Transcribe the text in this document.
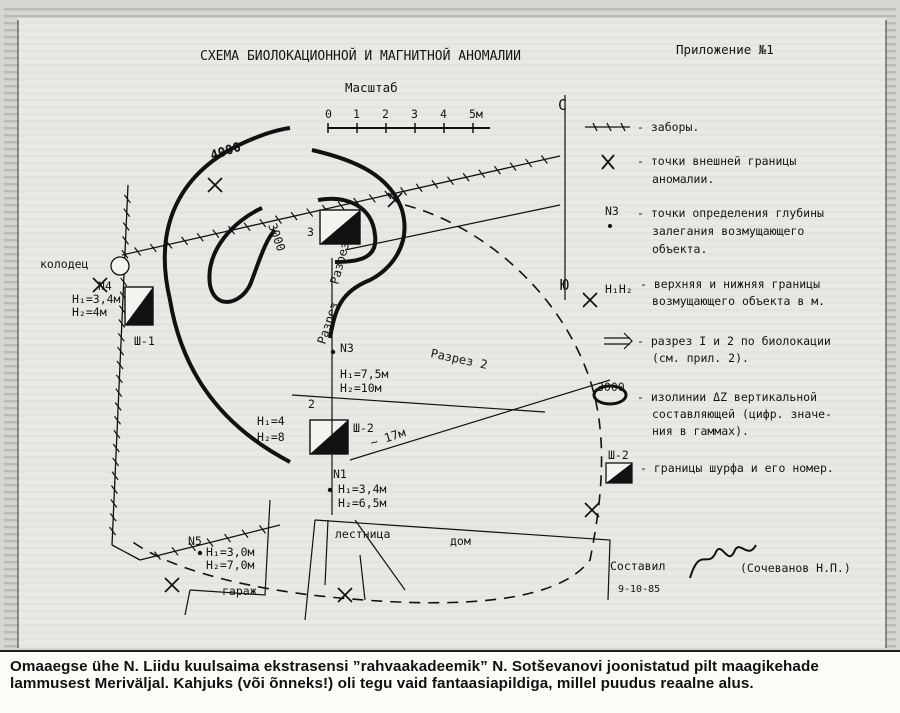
СХЕМА БИОЛОКАЦИОННОЙ И МАГНИТНОЙ АНОМАЛИИ	Приложение №1
Масштаб
0 1 2 3 4 5м	С
Ю
4000
3000
колодец
Ш-1
N4
H₁=3,4м
H₂=4м
3
Ш-2
2
Разрез I
Разрез
Разрез 2
~ 17м
N3
H₁=7,5м
H₂=10м
H₁=4
H₂=8
N1
H₁=3,4м
H₂=6,5м
N5
H₁=3,0м
H₂=7,0м
лестница	дом
гараж
- заборы.
- точки внешней границы
аномалии.
N3 - точки определения глубины
залегания возмущающего
объекта.
H₁H₂ - верхняя и нижняя границы
возмущающего объекта в м.
- разрез I и 2 по биолокации
(см. прил. 2).
3000
- изолинии ΔZ вертикальной
составляющей (цифр. значе-
ния в гаммах).
Ш-2
- границы шурфа и его номер.
Составил	(Сочеванов Н.П.)
9-10-85

Omaaegse ühe N. Liidu kuulsaima ekstrasensi ”rahvaakadeemik” N. Sotševanovi joonistatud pilt maagikehade lammusest Meriväljal. Kahjuks (või õnneks!) oli tegu vaid fantaasiapildiga, millel puudus reaalne alus.
